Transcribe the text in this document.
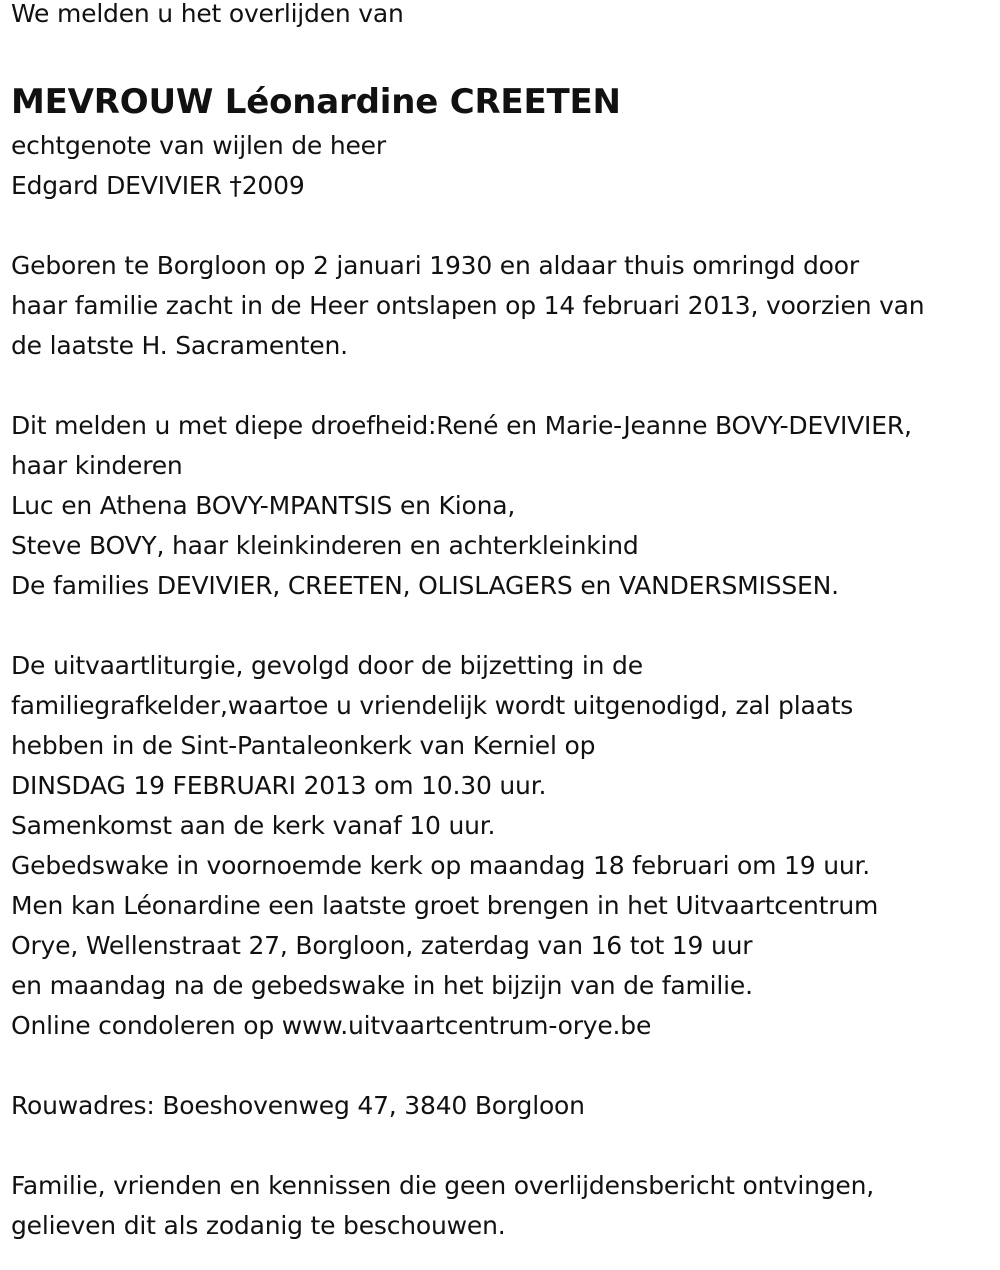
We melden u het overlijden van
MEVROUW Léonardine CREETEN
echtgenote van wijlen de heer
Edgard DEVIVIER †2009
Geboren te Borgloon op 2 januari 1930 en aldaar thuis omringd door
haar familie zacht in de Heer ontslapen op 14 februari 2013, voorzien van
de laatste H. Sacramenten.
Dit melden u met diepe droefheid:René en Marie-Jeanne BOVY-DEVIVIER,
haar kinderen
Luc en Athena BOVY-MPANTSIS en Kiona,
Steve BOVY, haar kleinkinderen en achterkleinkind
De families DEVIVIER, CREETEN, OLISLAGERS en VANDERSMISSEN.
De uitvaartliturgie, gevolgd door de bijzetting in de
familiegrafkelder,waartoe u vriendelijk wordt uitgenodigd, zal plaats
hebben in de Sint-Pantaleonkerk van Kerniel op
DINSDAG 19 FEBRUARI 2013 om 10.30 uur.
Samenkomst aan de kerk vanaf 10 uur.
Gebedswake in voornoemde kerk op maandag 18 februari om 19 uur.
Men kan Léonardine een laatste groet brengen in het Uitvaartcentrum
Orye, Wellenstraat 27, Borgloon, zaterdag van 16 tot 19 uur
en maandag na de gebedswake in het bijzijn van de familie.
Online condoleren op www.uitvaartcentrum-orye.be
Rouwadres: Boeshovenweg 47, 3840 Borgloon
Familie, vrienden en kennissen die geen overlijdensbericht ontvingen,
gelieven dit als zodanig te beschouwen.
